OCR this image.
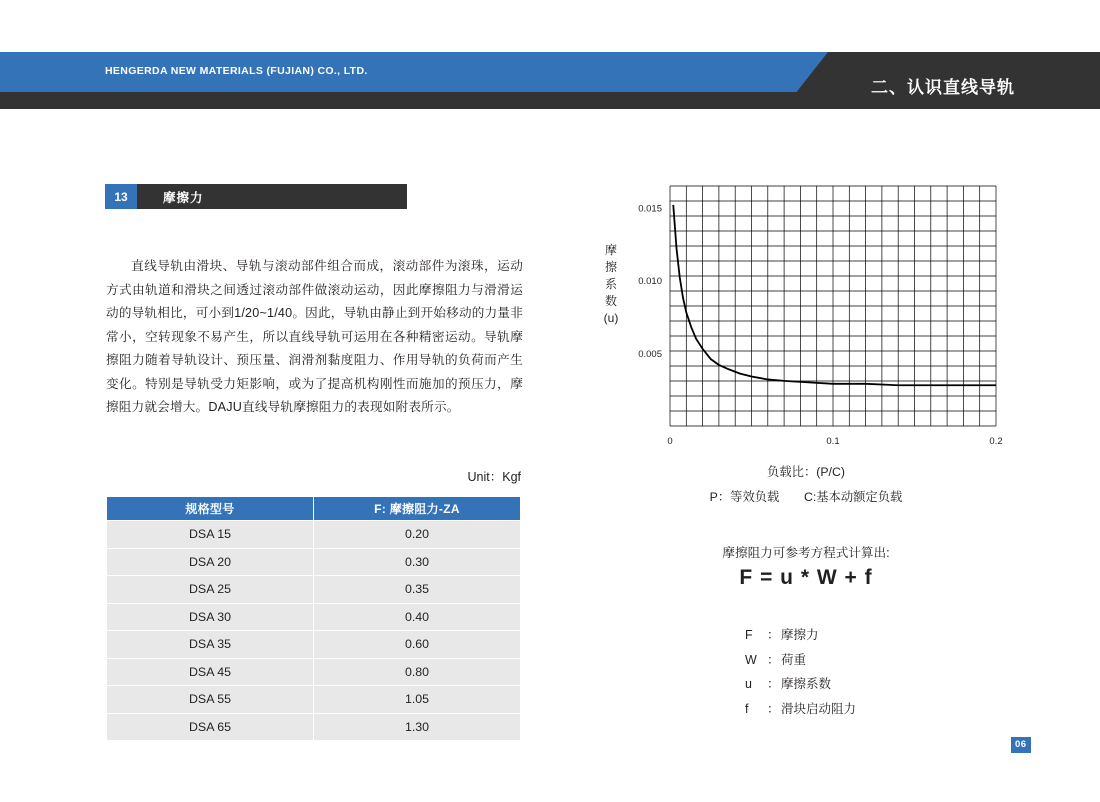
HENGERDA NEW MATERIALS (FUJIAN) CO., LTD.
二、认识直线导轨
13	摩擦力
直线导轨由滑块、导轨与滚动部件组合而成，滚动部件为滚珠，运动方式由轨道和滑块之间透过滚动部件做滚动运动，因此摩擦阻力与滑滑运动的导轨相比，可小到1/20~1/40。因此，导轨由静止到开始移动的力量非常小，空转现象不易产生，所以直线导轨可运用在各种精密运动。导轨摩擦阻力随着导轨设计、预压量、润滑剂黏度阻力、作用导轨的负荷而产生变化。特别是导轨受力矩影响，或为了提高机构刚性而施加的预压力，摩擦阻力就会增大。DAJU直线导轨摩擦阻力的表现如附表所示。
Unit：Kgf
规格型号	F: 摩擦阻力-ZA
DSA 15	0.20
DSA 20	0.30
DSA 25	0.35
DSA 30	0.40
DSA 35	0.60
DSA 45	0.80
DSA 55	1.05
DSA 65	1.30
摩
擦
系
数
(u)
0.005
0.010
0.015
0	0.1	0.2
负载比：(P/C)
P：等效负载　　C:基本动额定负载
摩擦阻力可参考方程式计算出:
F = u * W + f
F	： 摩擦力
W ： 荷重
u	： 摩擦系数
f	： 滑块启动阻力
06
